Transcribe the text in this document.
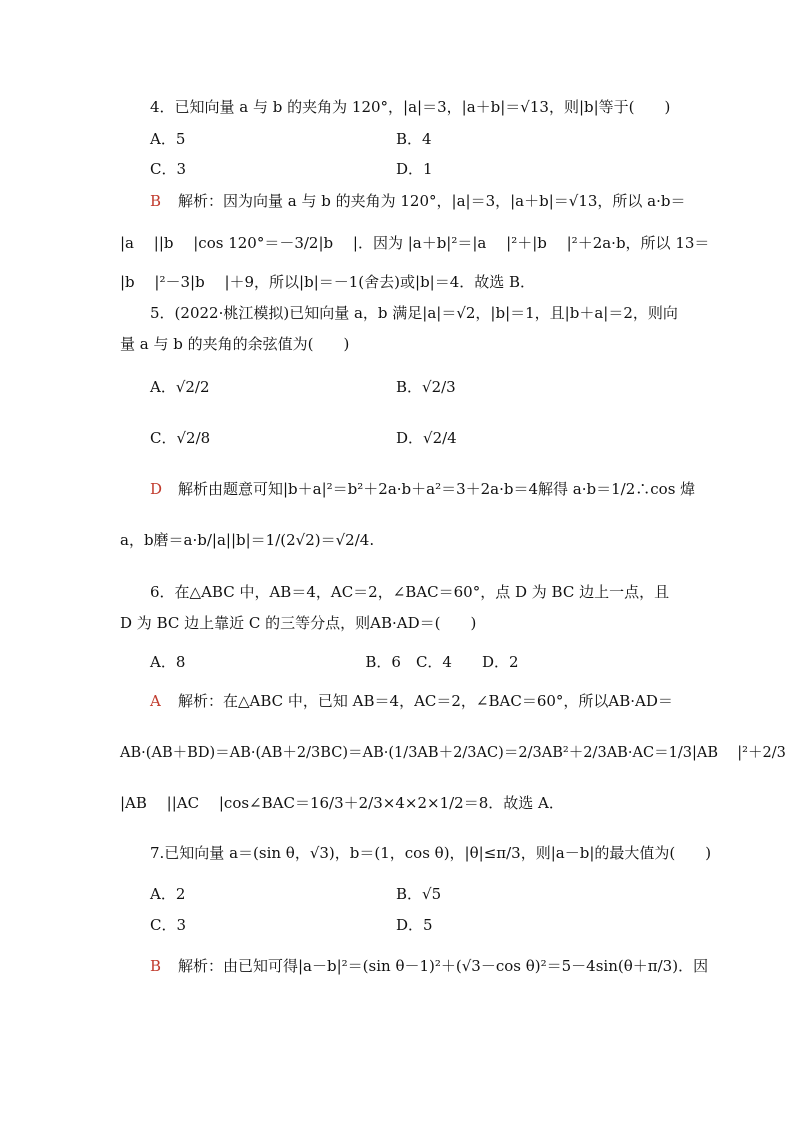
4．已知向量 a 与 b 的夹角为 120°，|a|＝3，|a＋b|＝√13，则|b|等于(　　)
A．5	B．4
C．3	D．1
B 解析：因为向量 a 与 b 的夹角为 120°，|a|＝3，|a＋b|＝√13，所以 a·b＝
|a　 ||b　 |cos 120°＝－3/2|b　 |．因为 |a＋b|²＝|a　 |²＋|b　 |²＋2a·b，所以 13＝
|b　 |²－3|b　 |＋9，所以|b|＝－1(舍去)或|b|＝4．故选 B．
5．(2022·桃江模拟)已知向量 a，b 满足|a|＝√2，|b|＝1，且|b＋a|＝2，则向
量 a 与 b 的夹角的余弦值为(　　)
A．√2/2	B．√2/3
C．√2/8	D．√2/4
D 解析由题意可知|b＋a|²＝b²＋2a·b＋a²＝3＋2a·b＝4解得 a·b＝1/2∴cos 煒
a，b磨＝a·b/|a||b|＝1/(2√2)＝√2/4.
6．在△ABC 中，AB＝4，AC＝2，∠BAC＝60°，点 D 为 BC 边上一点，且
D 为 BC 边上靠近 C 的三等分点，则AB·AD＝(　　)
A．8　　　　　　　　　　　　B．6　C．4　　D．2
A 解析：在△ABC 中，已知 AB＝4，AC＝2，∠BAC＝60°，所以AB·AD＝
AB·(AB＋BD)＝AB·(AB＋2/3BC)＝AB·(1/3AB＋2/3AC)＝2/3AB²＋2/3AB·AC＝1/3|AB　 |²＋2/3
|AB　 ||AC　 |cos∠BAC＝16/3＋2/3×4×2×1/2＝8．故选 A．
7.已知向量 a＝(sin θ，√3)，b＝(1，cos θ)，|θ|≤π/3，则|a－b|的最大值为(　　)
A．2	B．√5
C．3	D．5
B 解析：由已知可得|a－b|²＝(sin θ－1)²＋(√3－cos θ)²＝5－4sin(θ＋π/3)．因
